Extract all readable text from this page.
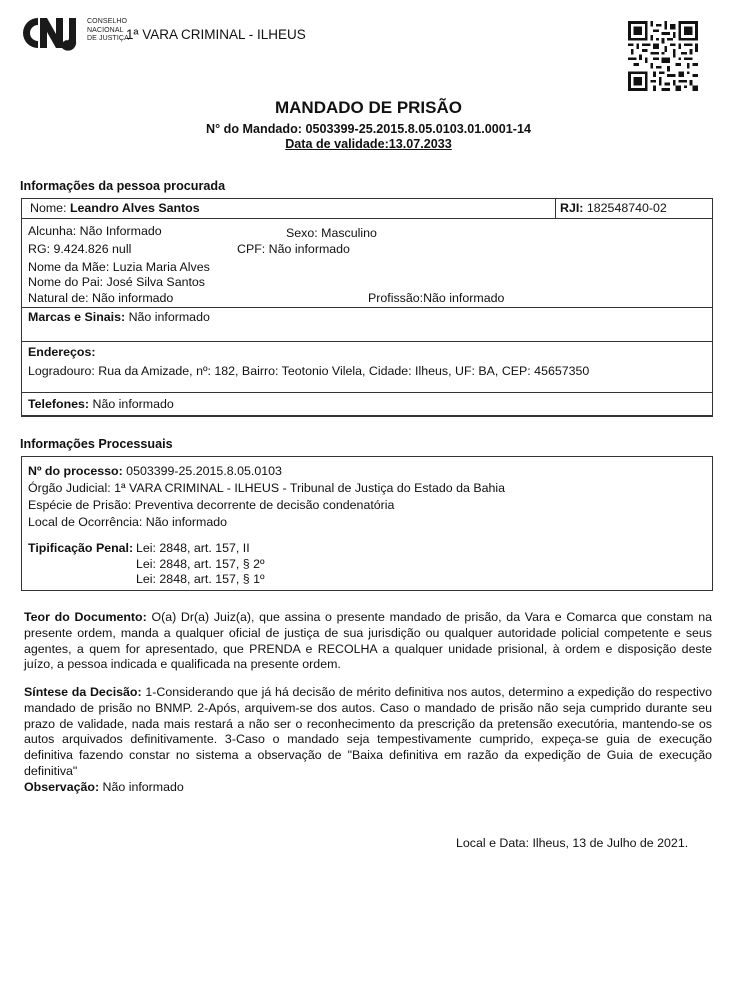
CONSELHO
NACIONAL
DE JUSTIÇA
1ª VARA CRIMINAL - ILHEUS
MANDADO DE PRISÃO
N° do Mandado: 0503399-25.2015.8.05.0103.01.0001-14
Data de validade:13.07.2033
Informações da pessoa procurada
Nome: Leandro Alves Santos	RJI: 182548740-02
Alcunha: Não Informado	Sexo: Masculino
RG: 9.424.826 null	CPF: Não informado
Nome da Mãe: Luzia Maria Alves
Nome do Pai: José Silva Santos
Natural de: Não informado	Profissão:Não informado
Marcas e Sinais: Não informado
Endereços:
Logradouro: Rua da Amizade, nº: 182, Bairro: Teotonio Vilela, Cidade: Ilheus, UF: BA, CEP: 45657350
Telefones: Não informado
Informações Processuais
Nº do processo: 0503399-25.2015.8.05.0103
Órgão Judicial: 1ª VARA CRIMINAL - ILHEUS - Tribunal de Justiça do Estado da Bahia
Espécie de Prisão: Preventiva decorrente de decisão condenatória
Local de Ocorrência: Não informado
Tipificação Penal: Lei: 2848, art. 157, II
Lei: 2848, art. 157, § 2º
Lei: 2848, art. 157, § 1º
Teor do Documento: O(a) Dr(a) Juiz(a), que assina o presente mandado de prisão, da Vara e Comarca que constam na presente ordem, manda a qualquer oficial de justiça de sua jurisdição ou qualquer autoridade policial competente e seus agentes, a quem for apresentado, que PRENDA e RECOLHA a qualquer unidade prisional, à ordem e disposição deste juízo, a pessoa indicada e qualificada na presente ordem.
Síntese da Decisão: 1-Considerando que já há decisão de mérito definitiva nos autos, determino a expedição do respectivo mandado de prisão no BNMP. 2-Após, arquivem-se dos autos. Caso o mandado de prisão não seja cumprido durante seu prazo de validade, nada mais restará a não ser o reconhecimento da prescrição da pretensão executória, mantendo-se os autos arquivados definitivamente. 3-Caso o mandado seja tempestivamente cumprido, expeça-se guia de execução definitiva fazendo constar no sistema a observação de "Baixa definitiva em razão da expedição de Guia de execução definitiva"
Observação: Não informado
Local e Data: Ilheus, 13 de Julho de 2021.
